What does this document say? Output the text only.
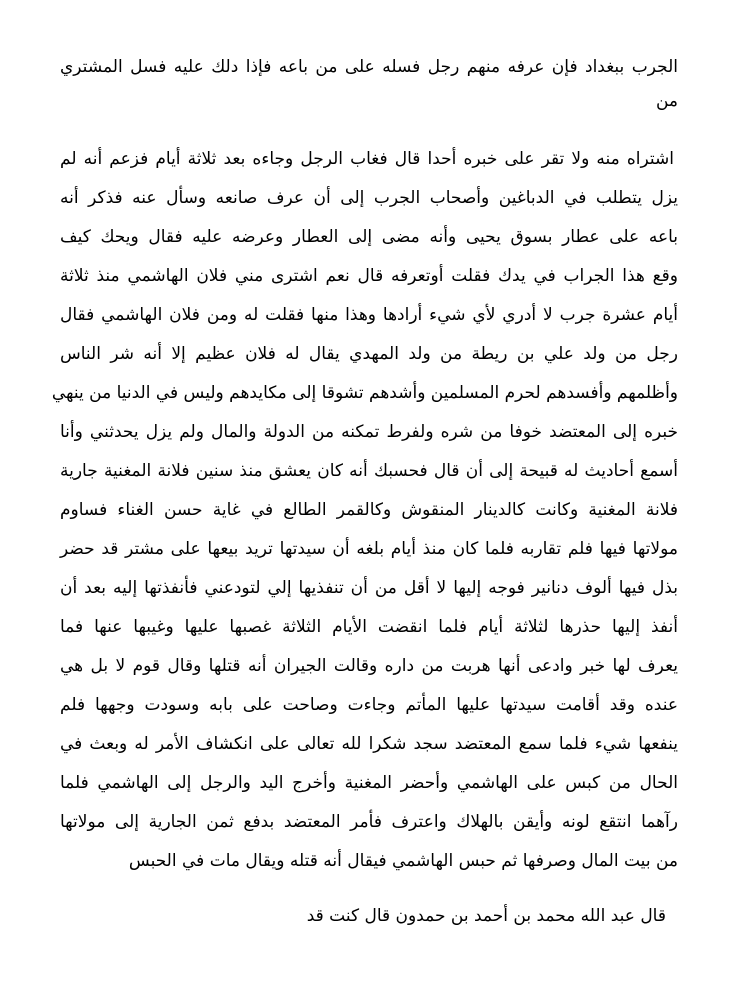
الجرب ببغداد فإن عرفه منهم رجل فسله على من باعه فإذا دلك عليه فسل المشتري
من
اشتراه منه ولا تقر على خبره أحدا قال فغاب الرجل وجاءه بعد ثلاثة أيام فزعم أنه لم
يزل يتطلب في الدباغين وأصحاب الجرب إلى أن عرف صانعه وسأل عنه فذكر أنه
باعه على عطار بسوق يحيى وأنه مضى إلى العطار وعرضه عليه فقال ويحك كيف
وقع هذا الجراب في يدك فقلت أوتعرفه قال نعم اشترى مني فلان الهاشمي منذ ثلاثة
أيام عشرة جرب لا أدري لأي شيء أرادها وهذا منها فقلت له ومن فلان الهاشمي فقال
رجل من ولد علي بن ريطة من ولد المهدي يقال له فلان عظيم إلا أنه شر الناس
وأظلمهم وأفسدهم لحرم المسلمين وأشدهم تشوقا إلى مكايدهم وليس في الدنيا من ينهي
خبره إلى المعتضد خوفا من شره ولفرط تمكنه من الدولة والمال ولم يزل يحدثني وأنا
أسمع أحاديث له قبيحة إلى أن قال فحسبك أنه كان يعشق منذ سنين فلانة المغنية جارية
فلانة المغنية وكانت كالدينار المنقوش وكالقمر الطالع في غاية حسن الغناء فساوم
مولاتها فيها فلم تقاربه فلما كان منذ أيام بلغه أن سيدتها تريد بيعها على مشتر قد حضر
بذل فيها ألوف دنانير فوجه إليها لا أقل من أن تنفذيها إلي لتودعني فأنفذتها إليه بعد أن
أنفذ إليها حذرها لثلاثة أيام فلما انقضت الأيام الثلاثة غصبها عليها وغيبها عنها فما
يعرف لها خبر وادعى أنها هربت من داره وقالت الجيران أنه قتلها وقال قوم لا بل هي
عنده وقد أقامت سيدتها عليها المأتم وجاءت وصاحت على بابه وسودت وجهها فلم
ينفعها شيء فلما سمع المعتضد سجد شكرا لله تعالى على انكشاف الأمر له وبعث في
الحال من كبس على الهاشمي وأحضر المغنية وأخرج اليد والرجل إلى الهاشمي فلما
رآهما انتقع لونه وأيقن بالهلاك واعترف فأمر المعتضد بدفع ثمن الجارية إلى مولاتها
من بيت المال وصرفها ثم حبس الهاشمي فيقال أنه قتله ويقال مات في الحبس
قال عبد الله محمد بن أحمد بن حمدون قال كنت قد
